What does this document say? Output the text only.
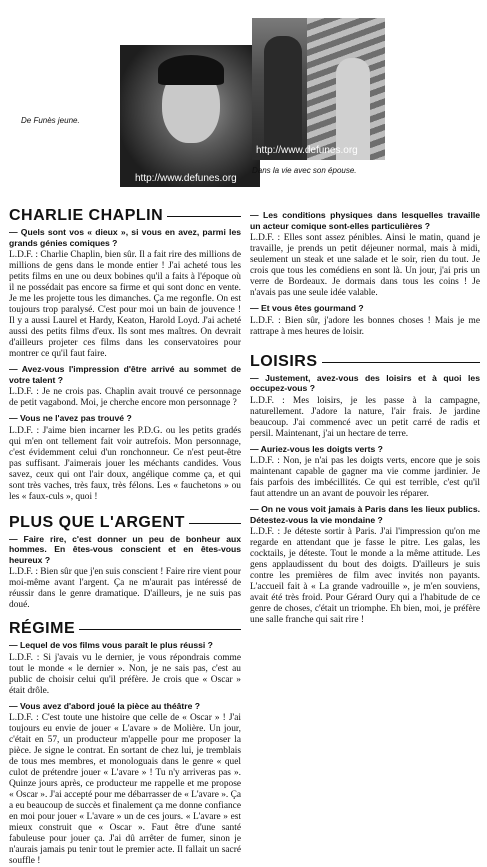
http://www.defunes.org
De Funès jeune.
http://www.defunes.org
Dans la vie avec son épouse.
CHARLIE CHAPLIN
— Quels sont vos « dieux », si vous en avez, parmi les grands génies comiques ?

L.D.F. : Charlie Chaplin, bien sûr. Il a fait rire des millions de millions de gens dans le monde entier ! J'ai acheté tous les petits films en une ou deux bobines qu'il a faits à l'époque où il ne possédait pas encore sa firme et qui sont donc en vente. Je me les projette tous les dimanches. Ça me regonfle. On est toujours trop paralysé. C'est pour moi un bain de jouvence ! Il y a aussi Laurel et Hardy, Keaton, Harold Loyd. J'ai acheté aussi des petits films d'eux. Ils sont mes maîtres. On devrait d'ailleurs projeter ces films dans les conservatoires pour montrer ce qu'il faut faire.

— Avez-vous l'impression d'être arrivé au sommet de votre talent ?

L.D.F. : Je ne crois pas. Chaplin avait trouvé ce personnage de petit vagabond. Moi, je cherche encore mon personnage ?

— Vous ne l'avez pas trouvé ?

L.D.F. : J'aime bien incarner les P.D.G. ou les petits gradés qui m'en ont tellement fait voir autrefois. Mon personnage, c'est évidemment celui d'un ronchonneur. Ce n'est peut-être pas suffisant. J'aimerais jouer les méchants candides. Vous savez, ceux qui ont l'air doux, angélique comme ça, et qui sont très vaches, très faux, très félons. Les « fauchetons » ou les « faux-culs », quoi !

PLUS QUE L'ARGENT
— Faire rire, c'est donner un peu de bonheur aux hommes. En êtes-vous conscient et en êtes-vous heureux ?

L.D.F. : Bien sûr que j'en suis conscient ! Faire rire vient pour moi-même avant l'argent. Ça ne m'aurait pas intéressé de réussir dans le genre dramatique. D'ailleurs, je ne suis pas doué.

RÉGIME
— Lequel de vos films vous paraît le plus réussi ?

L.D.F. : Si j'avais vu le dernier, je vous répondrais comme tout le monde « le dernier ». Non, je ne sais pas, c'est au public de choisir celui qu'il préfère. Je crois que « Oscar » était drôle.

— Vous avez d'abord joué la pièce au théâtre ?

L.D.F. : C'est toute une histoire que celle de « Oscar » ! J'ai toujours eu envie de jouer « L'avare » de Molière. Un jour, c'était en 57, un producteur m'appelle pour me proposer la pièce. Je signe le contrat. En sortant de chez lui, je tremblais de tous mes membres, et monologuais dans le genre « quel culot de prétendre jouer « L'avare » ! Tu n'y arriveras pas ». Quinze jours après, ce producteur me rappelle et me propose « Oscar ». J'ai accepté pour me débarrasser de « L'avare ». Ça a eu beaucoup de succès et finalement ça me donne confiance en moi pour jouer « L'avare » un de ces jours. « L'avare » est mieux construit que « Oscar ». Faut être d'une santé fabuleuse pour jouer ça. J'ai dû arrêter de fumer, sinon je n'aurais jamais pu tenir tout le premier acte. Il fallait un sacré souffle !

— Les conditions physiques dans lesquelles travaille un acteur comique sont-elles particulières ?

L.D.F. : Elles sont assez pénibles. Ainsi le matin, quand je travaille, je prends un petit déjeuner normal, mais à midi, seulement un steak et une salade et le soir, rien du tout. Je crois que tous les comédiens en sont là. Un jour, j'ai pris un verre de Bordeaux. Je dormais dans tous les coins ! Je n'avais pas une seule idée valable.

— Et vous êtes gourmand ?

L.D.F. : Bien sûr, j'adore les bonnes choses ! Mais je me rattrape à mes heures de loisir.

LOISIRS
— Justement, avez-vous des loisirs et à quoi les occupez-vous ?

L.D.F. : Mes loisirs, je les passe à la campagne, naturellement. J'adore la nature, l'air frais. Je jardine beaucoup. J'ai commencé avec un petit carré de radis et persil. Maintenant, j'ai un hectare de terre.

— Auriez-vous les doigts verts ?

L.D.F. : Non, je n'ai pas les doigts verts, encore que je sois maintenant capable de gagner ma vie comme jardinier. Je fais parfois des imbécillités. Ce qui est terrible, c'est qu'il faut attendre un an avant de pouvoir les réparer.

— On ne vous voit jamais à Paris dans les lieux publics. Détestez-vous la vie mondaine ?

L.D.F. : Je déteste sortir à Paris. J'ai l'impression qu'on me regarde en attendant que je fasse le pitre. Les galas, les cocktails, je déteste. Tout le monde a la même attitude. Les gens applaudissent du bout des doigts. D'ailleurs je suis contre les premières de film avec invités non payants. L'accueil fait à « La grande vadrouille », je m'en souviens, avait été très froid. Pour Gérard Oury qui a l'habitude de ce genre de choses, c'était un triomphe. Eh bien, moi, je préfère une salle franche qui sait rire !
